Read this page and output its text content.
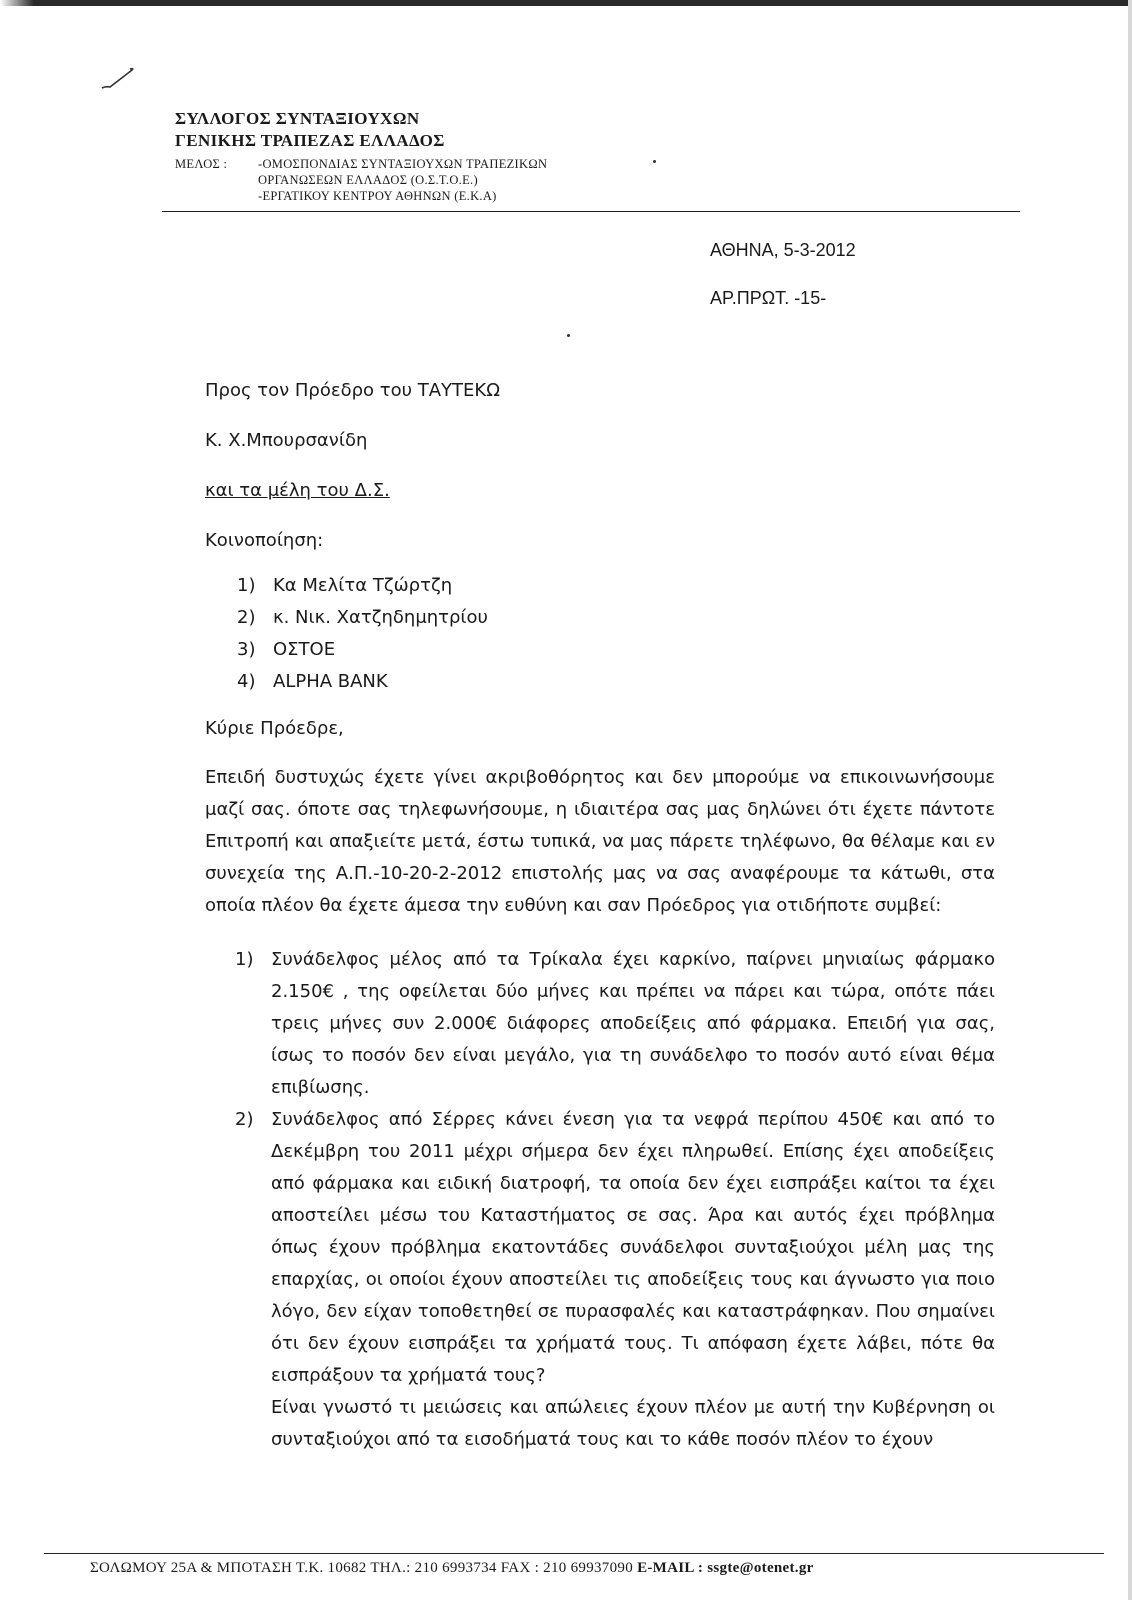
ΣΥΛΛΟΓΟΣ ΣΥΝΤΑΞΙΟΥΧΩΝ
ΓΕΝΙΚΗΣ ΤΡΑΠΕΖΑΣ ΕΛΛΑΔΟΣ
ΜΕΛΟΣ : -ΟΜΟΣΠΟΝΔΙΑΣ ΣΥΝΤΑΞΙΟΥΧΩΝ ΤΡΑΠΕΖΙΚΩΝ
ΟΡΓΑΝΩΣΕΩΝ ΕΛΛΑΔΟΣ (Ο.Σ.Τ.Ο.Ε.)
-ΕΡΓΑΤΙΚΟΥ ΚΕΝΤΡΟΥ ΑΘΗΝΩΝ (Ε.Κ.Α)
ΑΘΗΝΑ, 5-3-2012
ΑΡ.ΠΡΩΤ. -15-
Προς τον Πρόεδρο του ΤΑΥΤΕΚΩ
Κ. Χ.Μπουρσανίδη
και τα μέλη του Δ.Σ.
Κοινοποίηση:
1) Κα Μελίτα Τζώρτζη
2) κ. Νικ. Χατζηδημητρίου
3) ΟΣΤΟΕ
4) ALPHA BANK
Κύριε Πρόεδρε,
Επειδή δυστυχώς έχετε γίνει ακριβοθόρητος και δεν μπορούμε να επικοινωνήσουμε μαζί σας. όποτε σας τηλεφωνήσουμε, η ιδιαιτέρα σας μας δηλώνει ότι έχετε πάντοτε Επιτροπή και απαξιείτε μετά, έστω τυπικά, να μας πάρετε τηλέφωνο, θα θέλαμε και εν συνεχεία της Α.Π.-10-20-2-2012 επιστολής μας να σας αναφέρουμε τα κάτωθι, στα οποία πλέον θα έχετε άμεσα την ευθύνη και σαν Πρόεδρος για οτιδήποτε συμβεί:
1) Συνάδελφος μέλος από τα Τρίκαλα έχει καρκίνο, παίρνει μηνιαίως φάρμακο 2.150€ , της οφείλεται δύο μήνες και πρέπει να πάρει και τώρα, οπότε πάει τρεις μήνες συν 2.000€ διάφορες αποδείξεις από φάρμακα. Επειδή για σας, ίσως το ποσόν δεν είναι μεγάλο, για τη συνάδελφο το ποσόν αυτό είναι θέμα επιβίωσης.
2) Συνάδελφος από Σέρρες κάνει ένεση για τα νεφρά περίπου 450€ και από το Δεκέμβρη του 2011 μέχρι σήμερα δεν έχει πληρωθεί. Επίσης έχει αποδείξεις από φάρμακα και ειδική διατροφή, τα οποία δεν έχει εισπράξει καίτοι τα έχει αποστείλει μέσω του Καταστήματος σε σας. Άρα και αυτός έχει πρόβλημα όπως έχουν πρόβλημα εκατοντάδες συνάδελφοι συνταξιούχοι μέλη μας της επαρχίας, οι οποίοι έχουν αποστείλει τις αποδείξεις τους και άγνωστο για ποιο λόγο, δεν είχαν τοποθετηθεί σε πυρασφαλές και καταστράφηκαν. Που σημαίνει ότι δεν έχουν εισπράξει τα χρήματά τους. Τι απόφαση έχετε λάβει, πότε θα εισπράξουν τα χρήματά τους?
Είναι γνωστό τι μειώσεις και απώλειες έχουν πλέον με αυτή την Κυβέρνηση οι συνταξιούχοι από τα εισοδήματά τους και το κάθε ποσόν πλέον το έχουν
ΣΟΛΩΜΟΥ 25Α & ΜΠΟΤΑΣΗ Τ.Κ. 10682 ΤΗΛ.: 210 6993734 FAX : 210 69937090 E-MAIL : ssgte@otenet.gr
